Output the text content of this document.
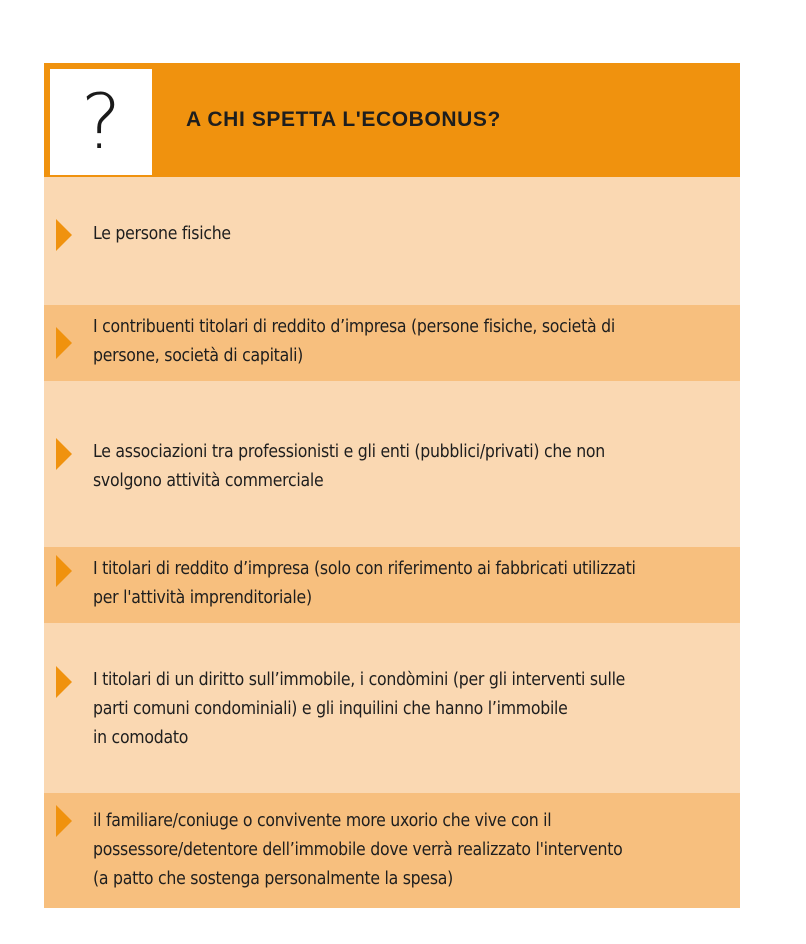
?	A CHI SPETTA L'ECOBONUS?
Le persone fisiche
I contribuenti titolari di reddito d’impresa (persone fisiche, società di
persone, società di capitali)
Le associazioni tra professionisti e gli enti (pubblici/privati) che non
svolgono attività commerciale
I titolari di reddito d’impresa (solo con riferimento ai fabbricati utilizzati
per l'attività imprenditoriale)
I titolari di un diritto sull’immobile, i condòmini (per gli interventi sulle
parti comuni condominiali) e gli inquilini che hanno l’immobile
in comodato
il familiare/coniuge o convivente more uxorio che vive con il
possessore/detentore dell’immobile dove verrà realizzato l'intervento
(a patto che sostenga personalmente la spesa)
